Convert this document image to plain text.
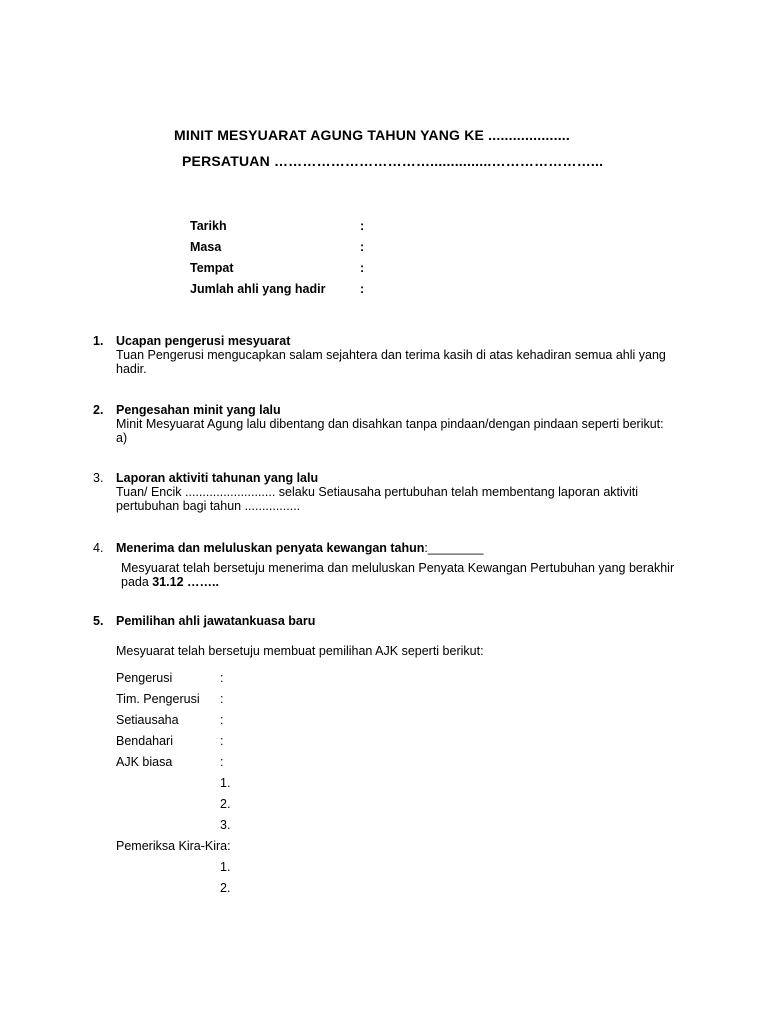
MINIT MESYUARAT AGUNG TAHUN YANG KE ....................
PERSATUAN ……………………………...............…………………...
Tarikh	:
Masa	:
Tempat	:
Jumlah ahli yang hadir	:
1. Ucapan pengerusi mesyuarat
Tuan Pengerusi mengucapkan salam sejahtera dan terima kasih di atas kehadiran semua ahli yang hadir.
2. Pengesahan minit yang lalu
Minit Mesyuarat Agung lalu dibentang dan disahkan tanpa pindaan/dengan pindaan seperti berikut:
a)
3. Laporan aktiviti tahunan yang lalu
Tuan/ Encik .......................... selaku Setiausaha pertubuhan telah membentang laporan aktiviti pertubuhan bagi tahun ................
4. Menerima dan meluluskan penyata kewangan tahun:________
Mesyuarat telah bersetuju menerima dan meluluskan Penyata Kewangan Pertubuhan yang berakhir
pada 31.12 ……..
5. Pemilihan ahli jawatankuasa baru
Mesyuarat telah bersetuju membuat pemilihan AJK seperti berikut:
Pengerusi	:
Tim. Pengerusi :
Setiausaha	:
Bendahari	:
AJK biasa	:
1.
2.
3.
Pemeriksa Kira-Kira:
1.
2.
